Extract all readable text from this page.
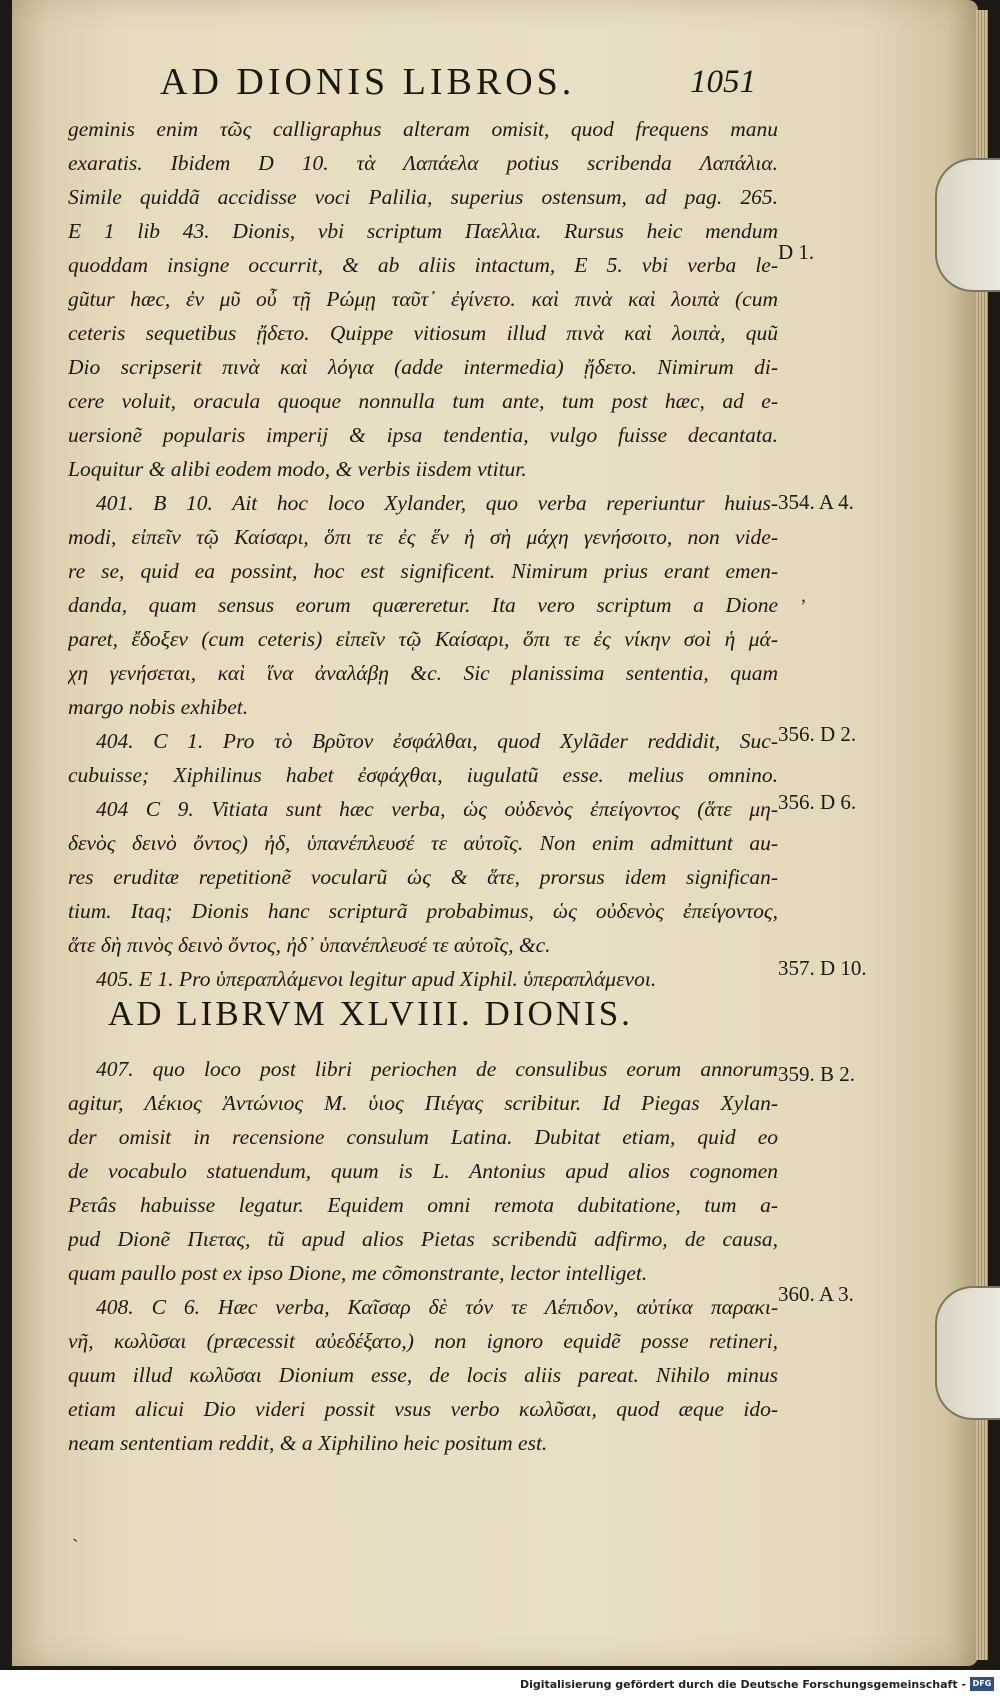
AD DIONIS LIBROS.	1051
geminis enim τῶς calligraphus alteram omisit, quod frequens manu
exaratis. Ibidem D 10. τὰ Λαπάελα potius scribenda Λαπάλια.
Simile quiddã accidisse voci Palilia, superius ostensum, ad pag. 265.
E 1 lib 43. Dionis, vbi scriptum Παελλια. Rursus heic mendum
quoddam insigne occurrit, & ab aliis intactum, E 5. vbi verba le-
gũtur hæc, ἐν μῦ οὖ τῇ Ρώμῃ ταῦτ᾽ ἐγίνετο. καὶ πινὰ καὶ λοιπὰ (cum
ceteris sequetibus ᾔδετο. Quippe vitiosum illud πινὰ καὶ λοιπὰ, quũ
Dio scripserit πινὰ καὶ λόγια (adde intermedia) ᾔδετο. Nimirum di-
cere voluit, oracula quoque nonnulla tum ante, tum post hæc, ad e-
uersionẽ popularis imperij & ipsa tendentia, vulgo fuisse decantata.
Loquitur & alibi eodem modo, & verbis iisdem vtitur.
401. B 10. Ait hoc loco Xylander, quo verba reperiuntur huius-
modi, εἰπεῖν τῷ Καίσαρι, ὅπι τε ἐς ἕν ἡ σὴ μάχη γενήσοιτο, non vide-
re se, quid ea possint, hoc est significent. Nimirum prius erant emen-
danda, quam sensus eorum quæreretur. Ita vero scriptum a Dione
paret, ἔδοξεν (cum ceteris) εἰπεῖν τῷ Καίσαρι, ὅπι τε ἐς νίκην σοὶ ἡ μά-
χη γενήσεται, καὶ ἵνα ἀναλάβῃ &c. Sic planissima sententia, quam
margo nobis exhibet.
404. C 1. Pro τὸ Βρῦτον ἐσφάλθαι, quod Xylãder reddidit, Suc-
cubuisse; Xiphilinus habet ἐσφάχθαι, iugulatũ esse. melius omnino.
404 C 9. Vitiata sunt hæc verba, ὡς οὐδενὸς ἐπείγοντος (ἅτε μη-
δενὸς δεινὸ ὄντος) ἠδ, ὑπανέπλευσέ τε αὐτοῖς. Non enim admittunt au-
res eruditæ repetitionẽ vocularũ ὡς & ἅτε, prorsus idem significan-
tium. Itaq; Dionis hanc scripturã probabimus, ὡς οὐδενὸς ἐπείγοντος,
ἅτε δὴ πινὸς δεινὸ ὄντος, ἠδ᾽ ὑπανέπλευσέ τε αὐτοῖς, &c.
405. E 1. Pro ὑπεραπλάμενοι legitur apud Xiphil. ὑπεραπλάμενοι.
AD LIBRVM XLVIII. DIONIS.
407. quo loco post libri periochen de consulibus eorum annorum
agitur, Λέκιος Ἀντώνιος Μ. ὑιος Πιέγας scribitur. Id Piegas Xylan-
der omisit in recensione consulum Latina. Dubitat etiam, quid eo
de vocabulo statuendum, quum is L. Antonius apud alios cognomen
Pετâs habuisse legatur. Equidem omni remota dubitatione, tum a-
pud Dionẽ Πιετας, tũ apud alios Pietas scribendũ adfirmo, de causa,
quam paullo post ex ipso Dione, me cõmonstrante, lector intelliget.
408. C 6. Hæc verba, Καῖσαρ δὲ τόν τε Λέπιδον, αὐτίκα παρακι-
νῆ, κωλῦσαι (præcessit αὐεδέξατο,) non ignoro equidẽ posse retineri,
quum illud κωλῦσαι Dionium esse, de locis aliis pareat. Nihilo minus
etiam alicui Dio videri possit vsus verbo κωλῦσαι, quod æque ido-
neam sententiam reddit, & a Xiphilino heic positum est.
D 1.
354. A 4.
356. D 2.
356. D 6.
357. D 10.
359. B 2.
360. A 3.
ʼ
`
Digitalisierung gefördert durch die Deutsche Forschungsgemeinschaft - DFG
